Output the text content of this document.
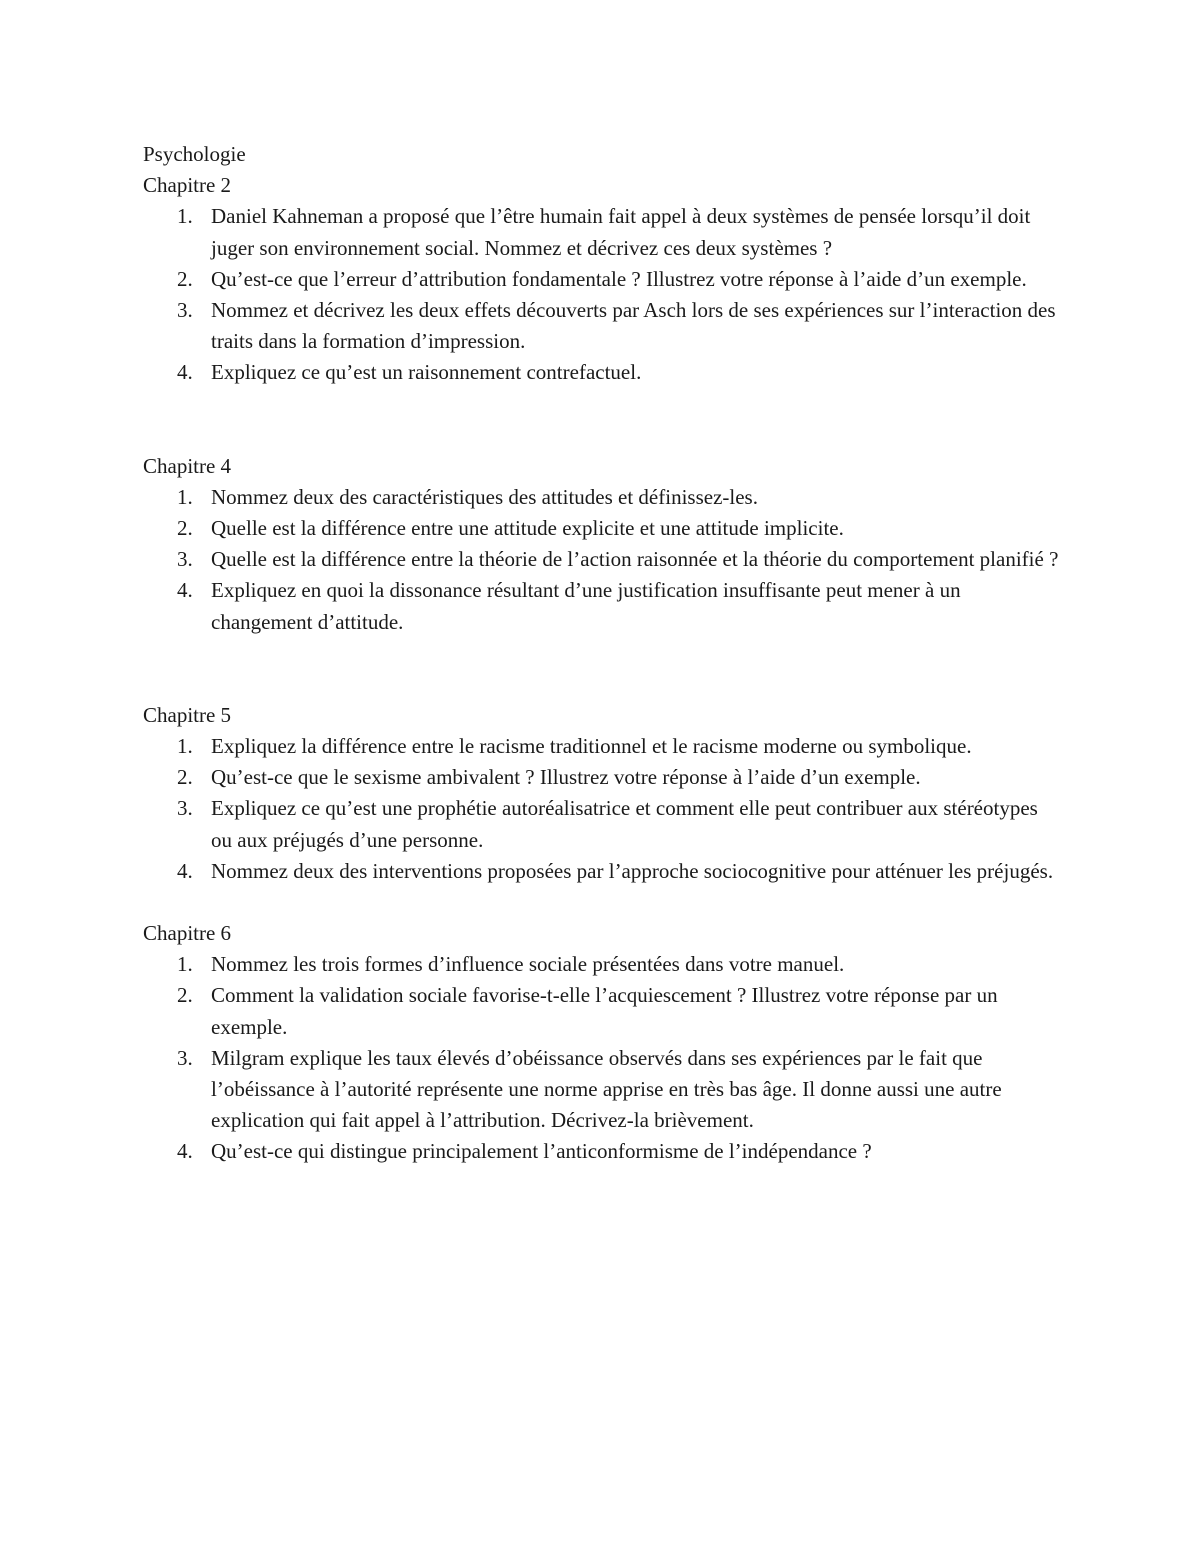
Psychologie

Chapitre 2

1. Daniel Kahneman a proposé que l’être humain fait appel à deux systèmes de pensée lorsqu’il doit juger son environnement social. Nommez et décrivez ces deux systèmes ?
2. Qu’est-ce que l’erreur d’attribution fondamentale ? Illustrez votre réponse à l’aide d’un exemple.
3. Nommez et décrivez les deux effets découverts par Asch lors de ses expériences sur l’interaction des traits dans la formation d’impression.
4. Expliquez ce qu’est un raisonnement contrefactuel.

Chapitre 4

1. Nommez deux des caractéristiques des attitudes et définissez-les.
2. Quelle est la différence entre une attitude explicite et une attitude implicite.
3. Quelle est la différence entre la théorie de l’action raisonnée et la théorie du comportement planifié ?
4. Expliquez en quoi la dissonance résultant d’une justification insuffisante peut mener à un changement d’attitude.

Chapitre 5

1. Expliquez la différence entre le racisme traditionnel et le racisme moderne ou symbolique.
2. Qu’est-ce que le sexisme ambivalent ? Illustrez votre réponse à l’aide d’un exemple.
3. Expliquez ce qu’est une prophétie autoréalisatrice et comment elle peut contribuer aux stéréotypes ou aux préjugés d’une personne.
4. Nommez deux des interventions proposées par l’approche sociocognitive pour atténuer les préjugés.

Chapitre 6

1. Nommez les trois formes d’influence sociale présentées dans votre manuel.
2. Comment la validation sociale favorise-t-elle l’acquiescement ? Illustrez votre réponse par un exemple.
3. Milgram explique les taux élevés d’obéissance observés dans ses expériences par le fait que l’obéissance à l’autorité représente une norme apprise en très bas âge. Il donne aussi une autre explication qui fait appel à l’attribution. Décrivez-la brièvement.
4. Qu’est-ce qui distingue principalement l’anticonformisme de l’indépendance ?
